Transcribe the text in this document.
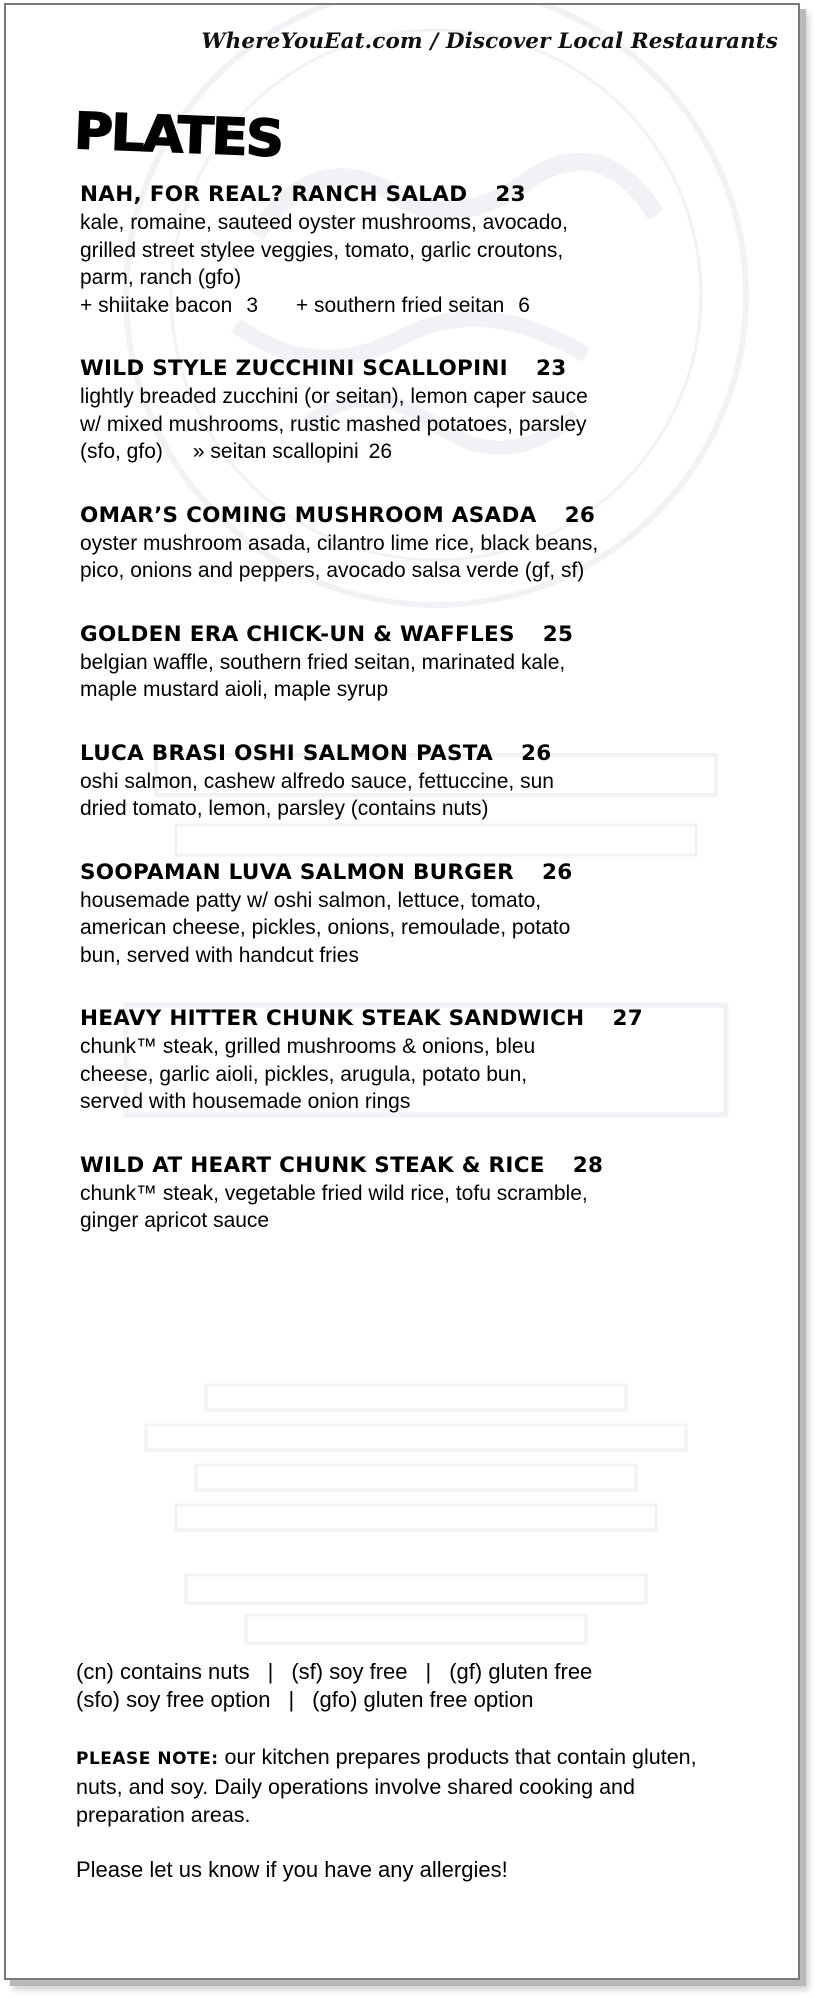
WhereYouEat.com / Discover Local Restaurants
PLATES
NAH, FOR REAL? RANCH SALAD 23
kale, romaine, sauteed oyster mushrooms, avocado,
grilled street stylee veggies, tomato, garlic croutons,
parm, ranch (gfo)
+ shiitake bacon 3 + southern fried seitan 6
WILD STYLE ZUCCHINI SCALLOPINI 23
lightly breaded zucchini (or seitan), lemon caper sauce
w/ mixed mushrooms, rustic mashed potatoes, parsley
(sfo, gfo) » seitan scallopini 26
OMAR’S COMING MUSHROOM ASADA 26
oyster mushroom asada, cilantro lime rice, black beans,
pico, onions and peppers, avocado salsa verde (gf, sf)
GOLDEN ERA CHICK-UN & WAFFLES 25
belgian waffle, southern fried seitan, marinated kale,
maple mustard aioli, maple syrup
LUCA BRASI OSHI SALMON PASTA 26
oshi salmon, cashew alfredo sauce, fettuccine, sun
dried tomato, lemon, parsley (contains nuts)
SOOPAMAN LUVA SALMON BURGER 26
housemade patty w/ oshi salmon, lettuce, tomato,
american cheese, pickles, onions, remoulade, potato
bun, served with handcut fries
HEAVY HITTER CHUNK STEAK SANDWICH 27
chunk™ steak, grilled mushrooms & onions, bleu
cheese, garlic aioli, pickles, arugula, potato bun,
served with housemade onion rings
WILD AT HEART CHUNK STEAK & RICE 28
chunk™ steak, vegetable fried wild rice, tofu scramble,
ginger apricot sauce
(cn) contains nuts | (sf) soy free | (gf) gluten free
(sfo) soy free option | (gfo) gluten free option
PLEASE NOTE: our kitchen prepares products that contain gluten, nuts, and soy. Daily operations involve shared cooking and preparation areas.
Please let us know if you have any allergies!
